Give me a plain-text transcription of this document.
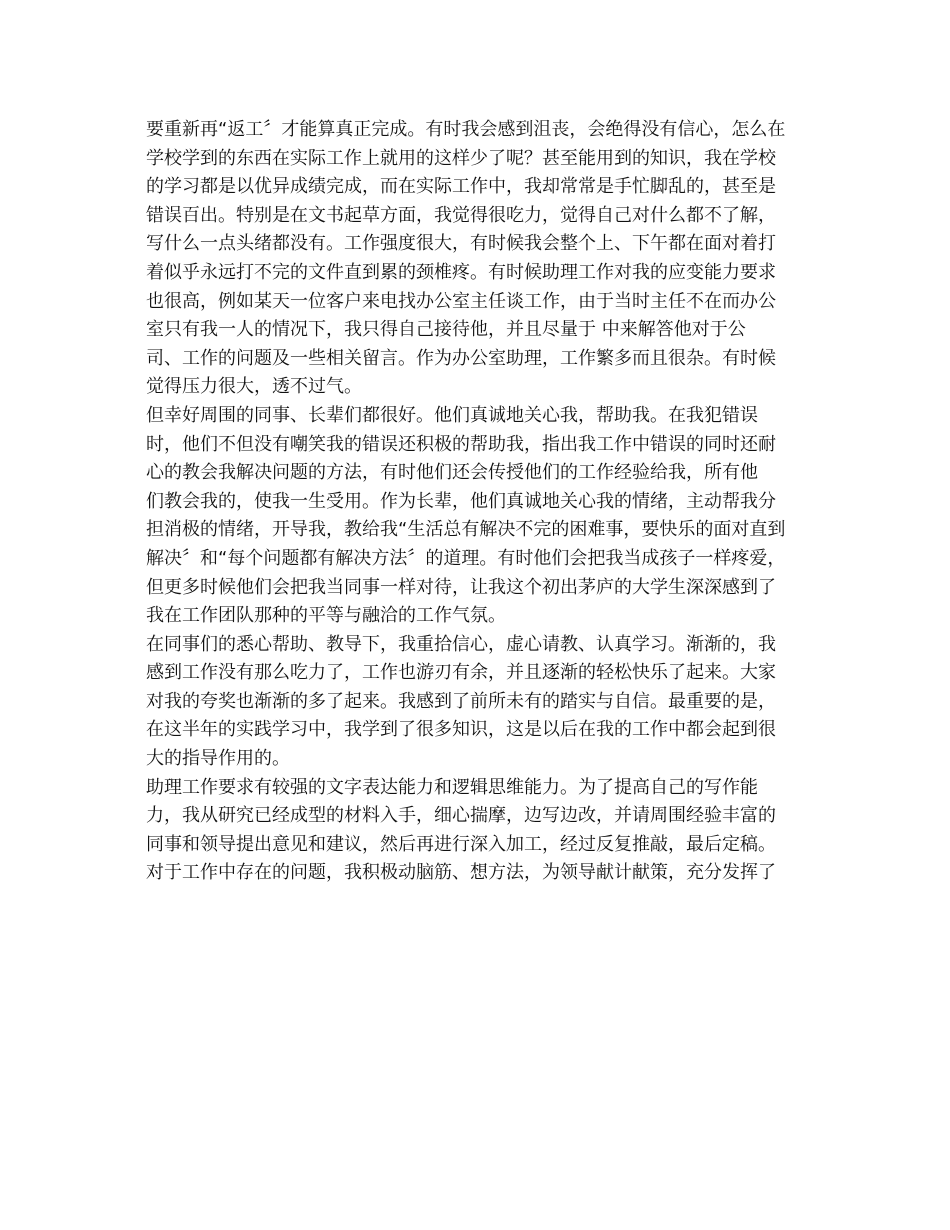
要重新再“返工〞才能算真正完成。有时我会感到沮丧，会绝得没有信心，怎么在
学校学到的东西在实际工作上就用的这样少了呢？甚至能用到的知识，我在学校
的学习都是以优异成绩完成，而在实际工作中，我却常常是手忙脚乱的，甚至是
错误百出。特别是在文书起草方面，我觉得很吃力，觉得自己对什么都不了解，
写什么一点头绪都没有。工作强度很大，有时候我会整个上、下午都在面对着打
着似乎永远打不完的文件直到累的颈椎疼。有时候助理工作对我的应变能力要求
也很高，例如某天一位客户来电找办公室主任谈工作，由于当时主任不在而办公
室只有我一人的情况下，我只得自己接待他，并且尽量于 中来解答他对于公
司、工作的问题及一些相关留言。作为办公室助理，工作繁多而且很杂。有时候
觉得压力很大，透不过气。
但幸好周围的同事、长辈们都很好。他们真诚地关心我，帮助我。在我犯错误
时，他们不但没有嘲笑我的错误还积极的帮助我，指出我工作中错误的同时还耐
心的教会我解决问题的方法，有时他们还会传授他们的工作经验给我，所有他
们教会我的，使我一生受用。作为长辈，他们真诚地关心我的情绪，主动帮我分
担消极的情绪，开导我，教给我“生活总有解决不完的困难事，要快乐的面对直到
解决〞和“每个问题都有解决方法〞的道理。有时他们会把我当成孩子一样疼爱，
但更多时候他们会把我当同事一样对待，让我这个初出茅庐的大学生深深感到了
我在工作团队那种的平等与融洽的工作气氛。
在同事们的悉心帮助、教导下，我重拾信心，虚心请教、认真学习。渐渐的，我
感到工作没有那么吃力了，工作也游刃有余，并且逐渐的轻松快乐了起来。大家
对我的夸奖也渐渐的多了起来。我感到了前所未有的踏实与自信。最重要的是，
在这半年的实践学习中，我学到了很多知识，这是以后在我的工作中都会起到很
大的指导作用的。
助理工作要求有较强的文字表达能力和逻辑思维能力。为了提高自己的写作能
力，我从研究已经成型的材料入手，细心揣摩，边写边改，并请周围经验丰富的
同事和领导提出意见和建议，然后再进行深入加工，经过反复推敲，最后定稿。
对于工作中存在的问题，我积极动脑筋、想方法，为领导献计献策，充分发挥了
